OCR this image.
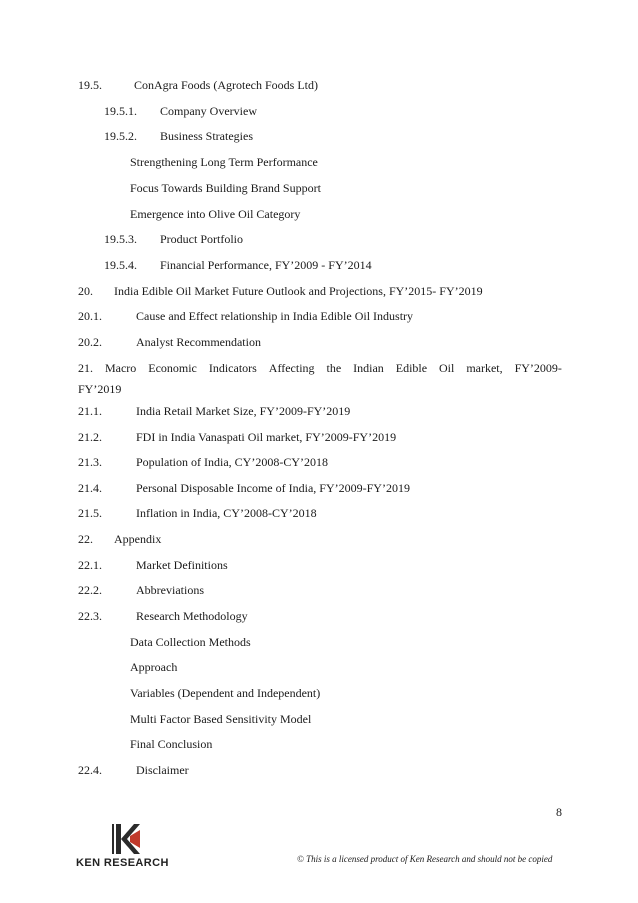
19.5.	ConAgra Foods (Agrotech Foods Ltd)
19.5.1. Company Overview
19.5.2. Business Strategies
Strengthening Long Term Performance
Focus Towards Building Brand Support
Emergence into Olive Oil Category
19.5.3. Product Portfolio
19.5.4. Financial Performance, FY’2009 - FY’2014
20. India Edible Oil Market Future Outlook and Projections, FY’2015- FY’2019
20.1.	Cause and Effect relationship in India Edible Oil Industry
20.2.	Analyst Recommendation
21. Macro Economic Indicators Affecting the Indian Edible Oil market, FY’2009-
FY’2019
21.1.	India Retail Market Size, FY’2009-FY’2019
21.2.	FDI in India Vanaspati Oil market, FY’2009-FY’2019
21.3.	Population of India, CY’2008-CY’2018
21.4.	Personal Disposable Income of India, FY’2009-FY’2019
21.5.	Inflation in India, CY’2008-CY’2018
22. Appendix
22.1.	Market Definitions
22.2.	Abbreviations
22.3.	Research Methodology
Data Collection Methods
Approach
Variables (Dependent and Independent)
Multi Factor Based Sensitivity Model
Final Conclusion
22.4.	Disclaimer
8
KEN RESEARCH	© This is a licensed product of Ken Research and should not be copied
